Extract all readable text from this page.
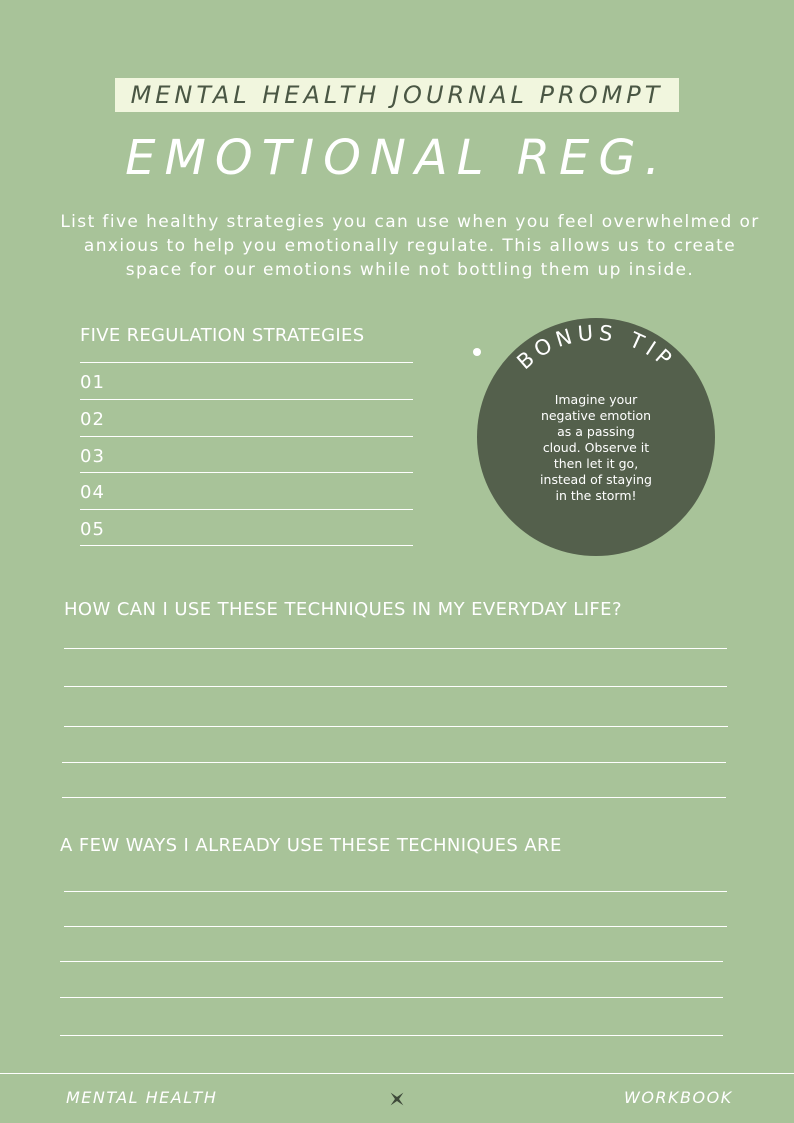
MENTAL HEALTH JOURNAL PROMPT
EMOTIONAL REG.
List five healthy strategies you can use when you feel overwhelmed or
anxious to help you emotionally regulate. This allows us to create
space for our emotions while not bottling them up inside.
FIVE REGULATION STRATEGIES
01
02
03
04
05
BONUS TIP
Imagine your
negative emotion
as a passing
cloud. Observe it
then let it go,
instead of staying
in the storm!
HOW CAN I USE THESE TECHNIQUES IN MY EVERYDAY LIFE?
A FEW WAYS I ALREADY USE THESE TECHNIQUES ARE
MENTAL HEALTH	WORKBOOK
